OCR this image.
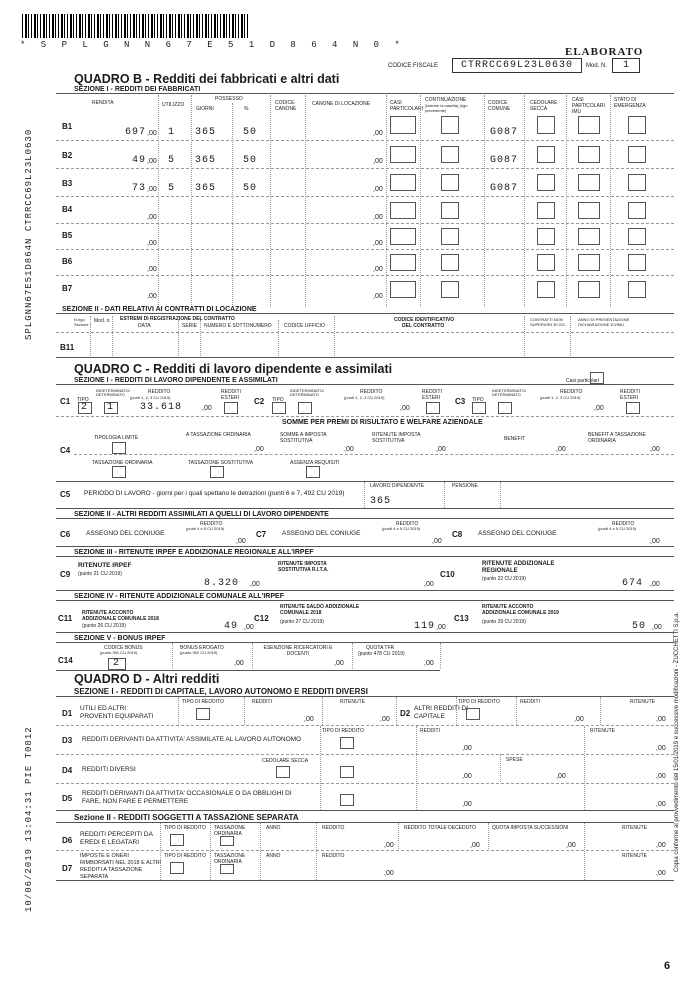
* S P L G N N 6 7 E 5 1 D 8 6 4 N 0 *
ELABORATO
CODICE FISCALE	CTRRCC69L23L0630	Mod. N.	1
SPLGNN67E51D864N CTRRCC69L23L0630
10/06/2019 13:04:31 PIE T0812	Copia conforme al provvedimento del 15/01/2019 e successive modificazioni - ZUCCHETTI S.p.a.
6
QUADRO B - Redditi dei fabbricati e altri dati
SEZIONE I - REDDITI DEI FABBRICATI
RENDITA	UTILIZZO
POSSESSO
GIORNI	%
CODICE CANONE
CANONE DI LOCAZIONE	CASI PARTICOLARI
CONTINUAZIONE
(barrare la casella) (rigo precedente)
CODICE COMUNE
CEDOLARE SECCA
CASI PARTICOLARI IMU
STATO DI EMERGENZA
B1
697 ,00 1 365	50	,00	G087
B2	49 ,00 5 365	50	,00	G087
B3	73 ,00 5 365	50	,00	G087
B4
,00	,00
B5
,00	,00
B6
,00	,00
B7
,00	,00
SEZIONE II - DATI RELATIVI AI CONTRATTI DI LOCAZIONE
N.rigo Sezione I
Mod. n. ESTREMI DI REGISTRAZIONE DEL CONTRATTO
DATA	SERIE NUMERO E SOTTONUMERO CODICE UFFICIO
CODICE IDENTIFICATIVO
DEL CONTRATTO
CONTRATTI NON SUPERIORI 30 GG.
ANNO DI PRESENTAZIONE DICHIARAZIONE ICI/IMU
B11
QUADRO C - Redditi di lavoro dipendente e assimilati
SEZIONE I - REDDITI DI LAVORO DIPENDENTE E ASSIMILATI	Casi particolari
C1 TIPO
INDETERMINATO/ DETERMINATO	REDDITO
(punti 1, 2, 3 CU 2019)
REDDITI ESTERI
2 1	33.618	,00
C2 TIPO
INDETERMINATO/ DETERMINATO	REDDITO
(punti 1, 2, 3 CU 2019)
REDDITI ESTERI
,00
C3 TIPO
INDETERMINATO/ DETERMINATO	REDDITO
(punti 1, 2, 3 CU 2019)
REDDITI ESTERI
,00
SOMME PER PREMI DI RISULTATO E WELFARE AZIENDALE
C4
TIPOLOGIA LIMITE	A TASSAZIONE ORDINARIA
,00
SOMME A IMPOSTA SOSTITUTIVA
,00
RITENUTE IMPOSTA SOSTITUTIVA
,00
BENEFIT
,00
BENEFIT A TASSAZIONE ORDINARIA
,00
TASSAZIONE ORDINARIA	TASSAZIONE SOSTITUTIVA	ASSENZA REQUISITI
C5 PERIODO DI LAVORO - giorni per i quali spettano le detrazioni (punti 6 e 7, 492 CU 2019)
LAVORO DIPENDENTE
365
PENSIONE
SEZIONE II - ALTRI REDDITI ASSIMILATI A QUELLI DI LAVORO DIPENDENTE
C6 ASSEGNO DEL CONIUGE
REDDITO
(punti 4 e 5 CU 2019)
,00
C7 ASSEGNO DEL CONIUGE
REDDITO
(punti 4 e 5 CU 2019)
,00
C8 ASSEGNO DEL CONIUGE
REDDITO
(punti 4 e 5 CU 2019)
,00
SEZIONE III - RITENUTE IRPEF E ADDIZIONALE REGIONALE ALL'IRPEF
C9
RITENUTE IRPEF
(punto 21 CU 2019)
8.320 ,00
RITENUTE IMPOSTA SOSTITUTIVA R.I.T.A.
,00
C10
RITENUTE ADDIZIONALE REGIONALE
(punto 22 CU 2019)	674 ,00
SEZIONE IV - RITENUTE ADDIZIONALE COMUNALE ALL'IRPEF
C11
RITENUTE ACCONTO ADDIZIONALE COMUNALE 2018
(punto 26 CU 2019)	49 ,00
C12
RITENUTE SALDO ADDIZIONALE COMUNALE 2018
(punto 27 CU 2019)	119 ,00
C13
RITENUTE ACCONTO ADDIZIONALE COMUNALE 2019
(punto 29 CU 2019)	50 ,00
SEZIONE V - BONUS IRPEF
C14
CODICE BONUS
(punto 391 CU 2019)
2
BONUS EROGATO
(punto 392 CU 2019)
,00
ESENZIONE RICERCATORI E DOCENTI
,00
QUOTA TFR
(punto 478 CU 2019)
,00
QUADRO D - Altri redditi
SEZIONE I - REDDITI DI CAPITALE, LAVORO AUTONOMO E REDDITI DIVERSI
D1
UTILI ED ALTRI PROVENTI EQUIPARATI
TIPO DI REDDITO	REDDITI
,00
RITENUTE
,00
D2
ALTRI REDDITI DI CAPITALE
TIPO DI REDDITO	REDDITI
,00
RITENUTE
,00
D3 REDDITI DERIVANTI DA ATTIVITA' ASSIMILATE AL LAVORO AUTONOMO
TIPO DI REDDITO	REDDITI
,00
RITENUTE
,00
D4 REDDITI DIVERSI
CEDOLARE SECCA	SPESE
,00	,00	,00
D5
REDDITI DERIVANTI DA ATTIVITA' OCCASIONALE O DA OBBLIGHI DI FARE, NON FARE E PERMETTERE	,00	,00
Sezione II - REDDITI SOGGETTI A TASSAZIONE SEPARATA
D6
REDDITI PERCEPITI DA EREDI E LEGATARI
TIPO DI REDDITO TASSAZIONE ORDINARIA
ANNO	REDDITO
,00
REDDITO TOTALE DECEDUTO
,00
QUOTA IMPOSTA SUCCESSIONI
,00
RITENUTE
,00
D7
IMPOSTE E ONERI RIMBORSATI NEL 2018 E ALTRI REDDITI A TASSAZIONE SEPARATA
TIPO DI REDDITO TASSAZIONE ORDINARIA
ANNO	REDDITO
,00
RITENUTE
,00
